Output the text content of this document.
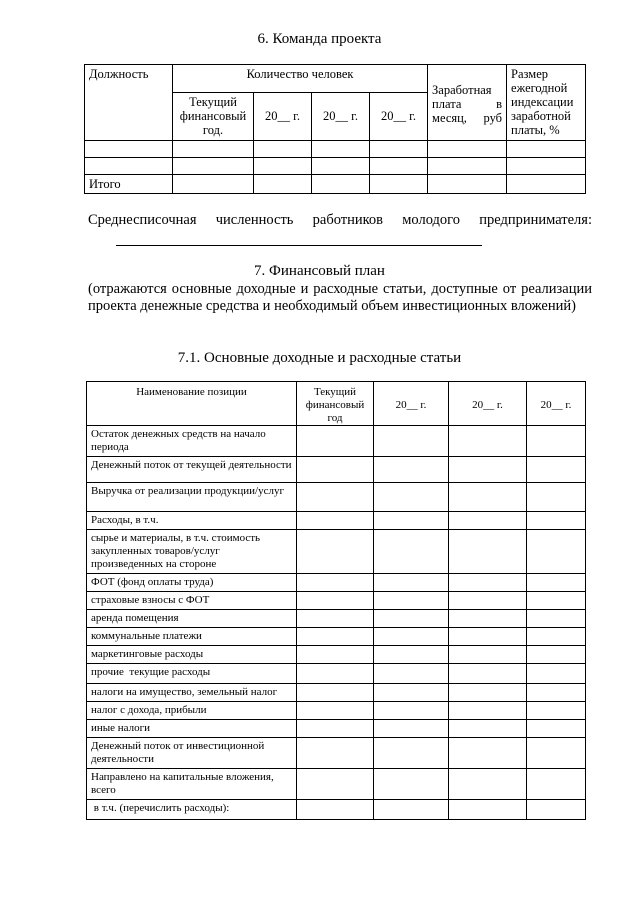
6. Команда проекта
Должность	Количество человек				Заработная плата в месяц, руб	Размер ежегодной индексации заработной платы, %
	Текущий финансовый год.	20__ г.	20__ г.	20__ г.		

Итого						
Среднесписочная численность работников молодого предпринимателя:
7. Финансовый план
(отражаются основные доходные и расходные статьи, доступные от реализации проекта денежные средства и необходимый объем инвестиционных вложений)
7.1. Основные доходные и расходные статьи
Наименование позиции	Текущий финансовый год	20__ г.	20__ г.	20__ г.
Остаток денежных средств на начало периода				
Денежный поток от текущей деятельности				
Выручка от реализации продукции/услуг				
Расходы, в т.ч.				
сырье и материалы, в т.ч. стоимость закупленных товаров/услуг произведенных на стороне				
ФОТ (фонд оплаты труда)				
страховые взносы с ФОТ				
аренда помещения				
коммунальные платежи				
маркетинговые расходы				
прочие  текущие расходы				
налоги на имущество, земельный налог				
налог с дохода, прибыли				
иные налоги				
Денежный поток от инвестиционной деятельности				
Направлено на капитальные вложения, всего				
в т.ч. (перечислить расходы):				
